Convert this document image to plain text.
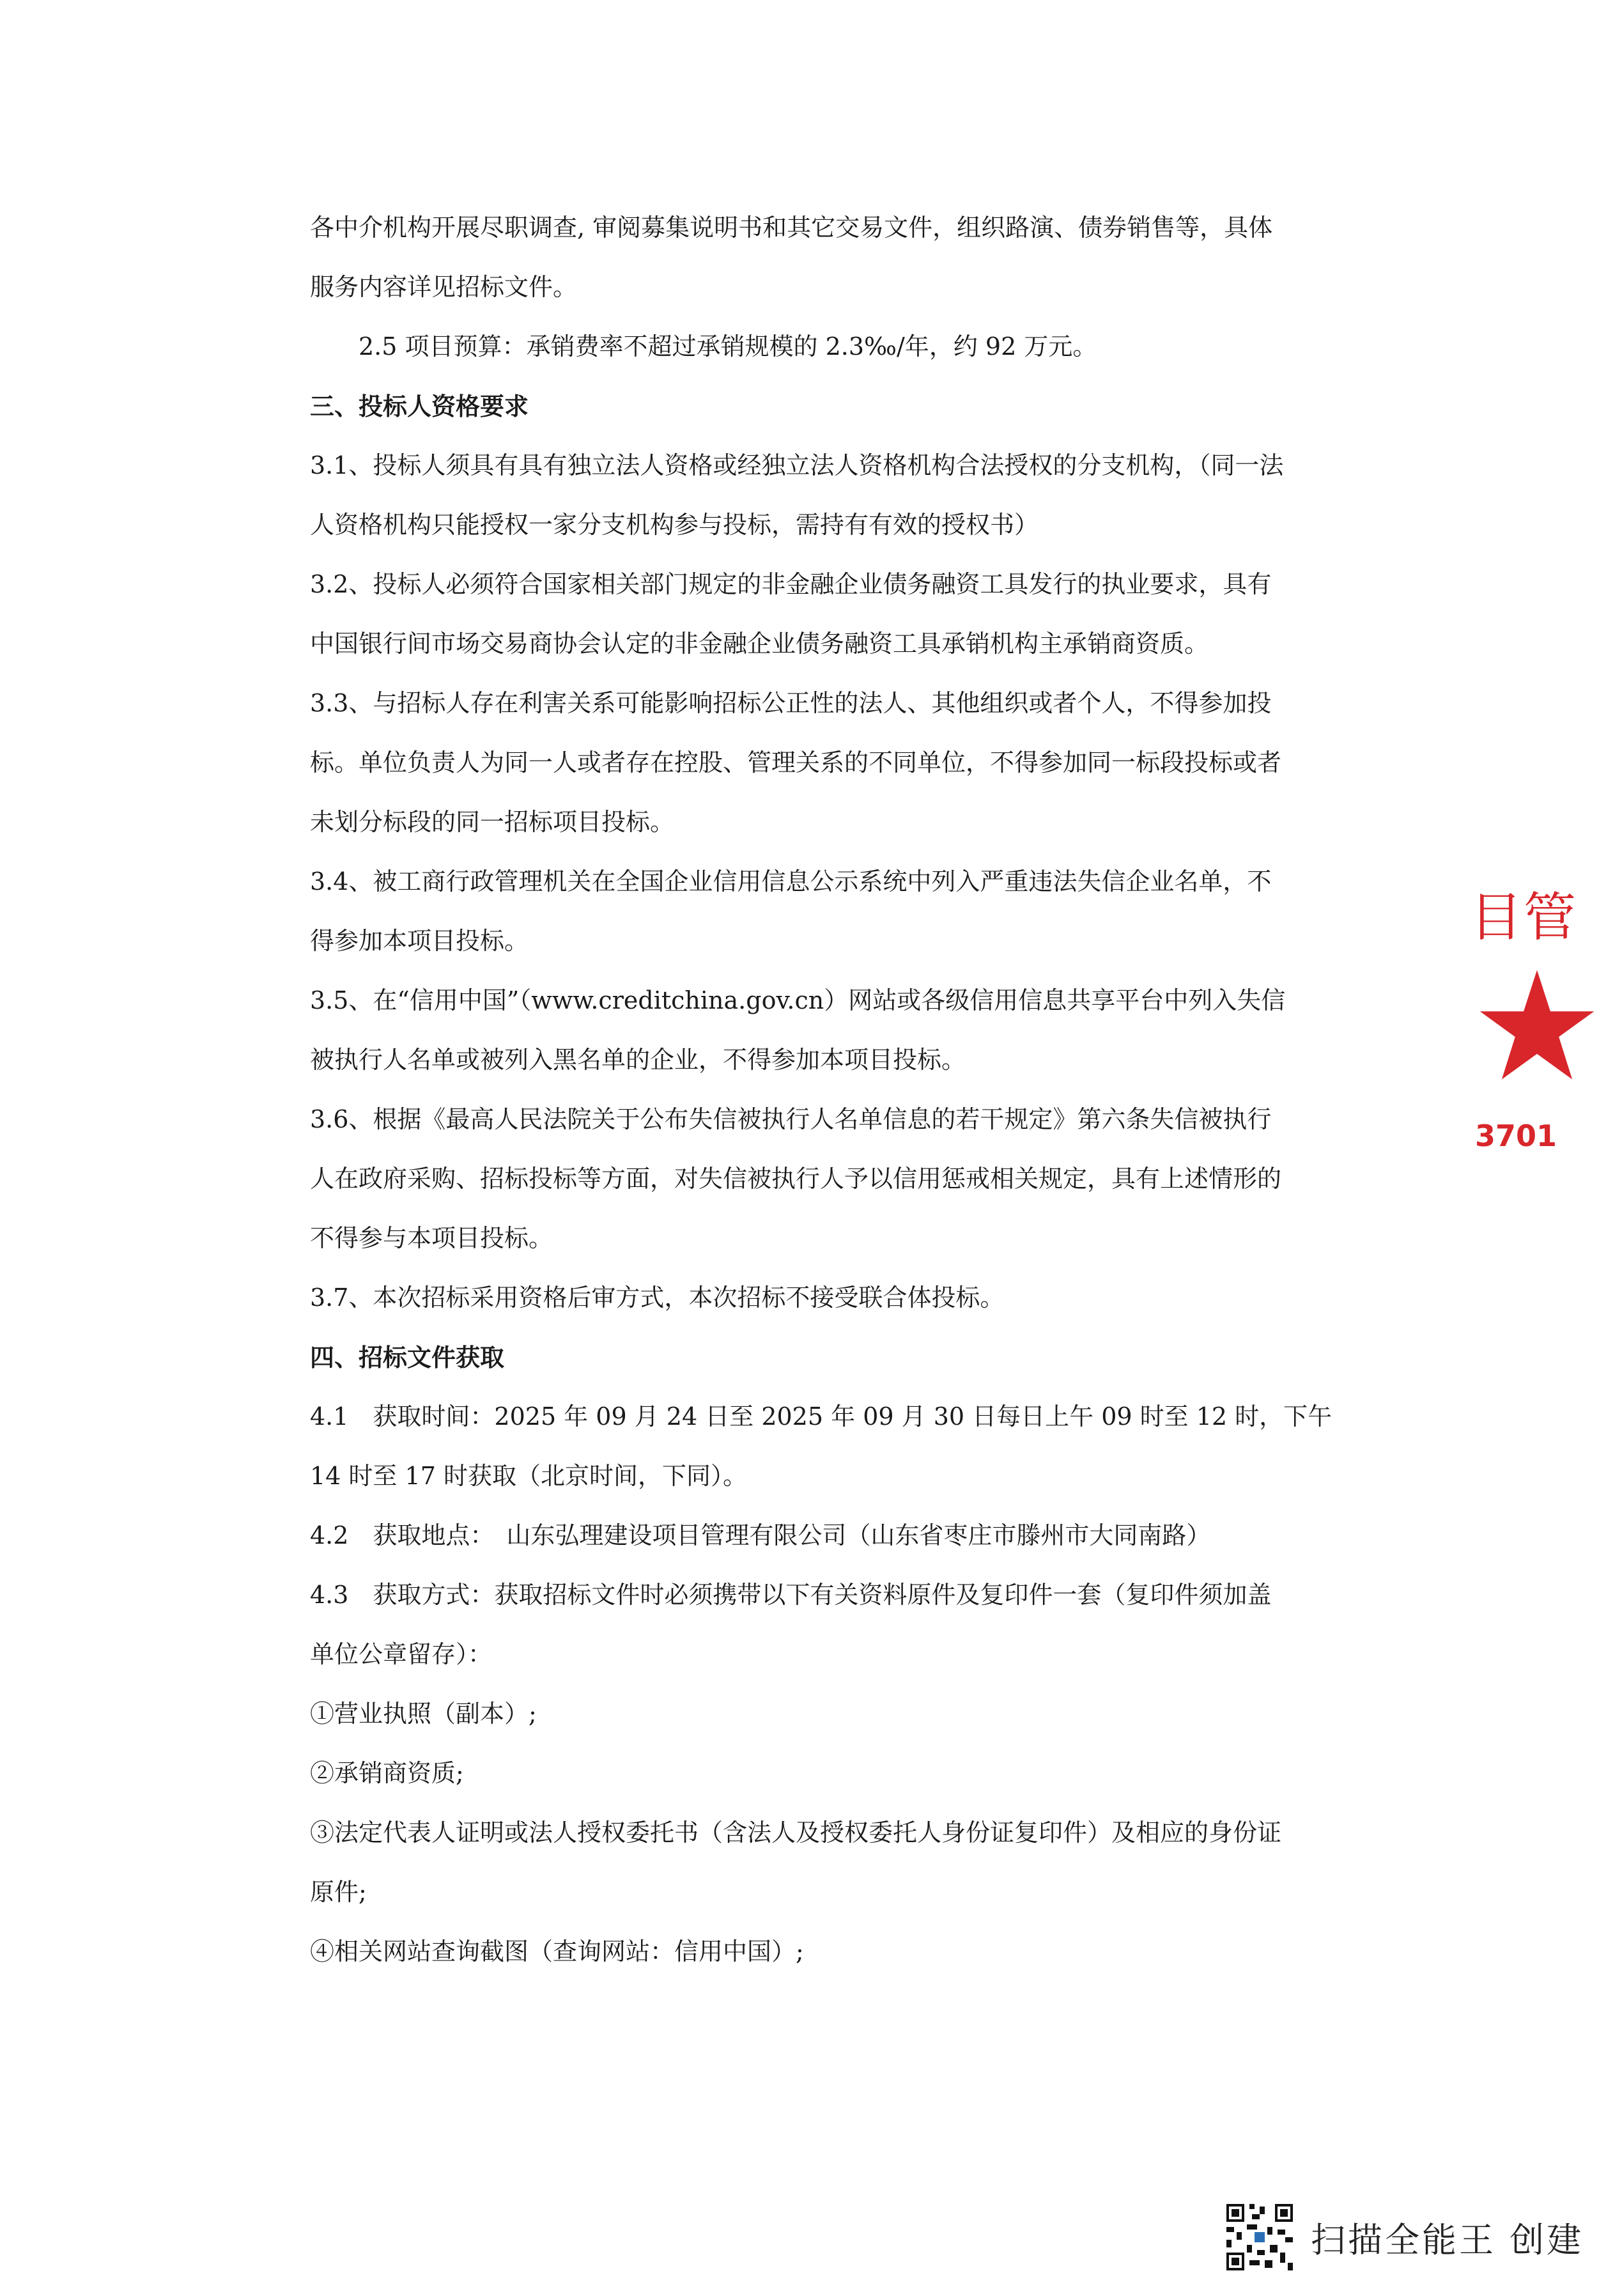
各中介机构开展尽职调查, 审阅募集说明书和其它交易文件，组织路演、债券销售等，具体
服务内容详见招标文件。
2.5 项目预算：承销费率不超过承销规模的 2.3‰/年，约 92 万元。
三、投标人资格要求
3.1、投标人须具有具有独立法人资格或经独立法人资格机构合法授权的分支机构，（同一法
人资格机构只能授权一家分支机构参与投标，需持有有效的授权书）
3.2、投标人必须符合国家相关部门规定的非金融企业债务融资工具发行的执业要求，具有
中国银行间市场交易商协会认定的非金融企业债务融资工具承销机构主承销商资质。
3.3、与招标人存在利害关系可能影响招标公正性的法人、其他组织或者个人，不得参加投
标。单位负责人为同一人或者存在控股、管理关系的不同单位，不得参加同一标段投标或者
未划分标段的同一招标项目投标。
3.4、被工商行政管理机关在全国企业信用信息公示系统中列入严重违法失信企业名单，不
得参加本项目投标。
3.5、在“信用中国”（www.creditchina.gov.cn）网站或各级信用信息共享平台中列入失信
被执行人名单或被列入黑名单的企业，不得参加本项目投标。
3.6、根据《最高人民法院关于公布失信被执行人名单信息的若干规定》第六条失信被执行
人在政府采购、招标投标等方面，对失信被执行人予以信用惩戒相关规定，具有上述情形的
不得参与本项目投标。
3.7、本次招标采用资格后审方式，本次招标不接受联合体投标。
四、招标文件获取
4.1　获取时间：2025 年 09 月 24 日至 2025 年 09 月 30 日每日上午 09 时至 12 时，下午
14 时至 17 时获取（北京时间，下同）。
4.2　获取地点：　山东弘理建设项目管理有限公司（山东省枣庄市滕州市大同南路）
4.3　获取方式：获取招标文件时必须携带以下有关资料原件及复印件一套（复印件须加盖
单位公章留存）：
①营业执照（副本）;
②承销商资质;
③法定代表人证明或法人授权委托书（含法人及授权委托人身份证复印件）及相应的身份证
原件;
④相关网站查询截图（查询网站：信用中国）;
目管
3701
扫描全能王 创建
